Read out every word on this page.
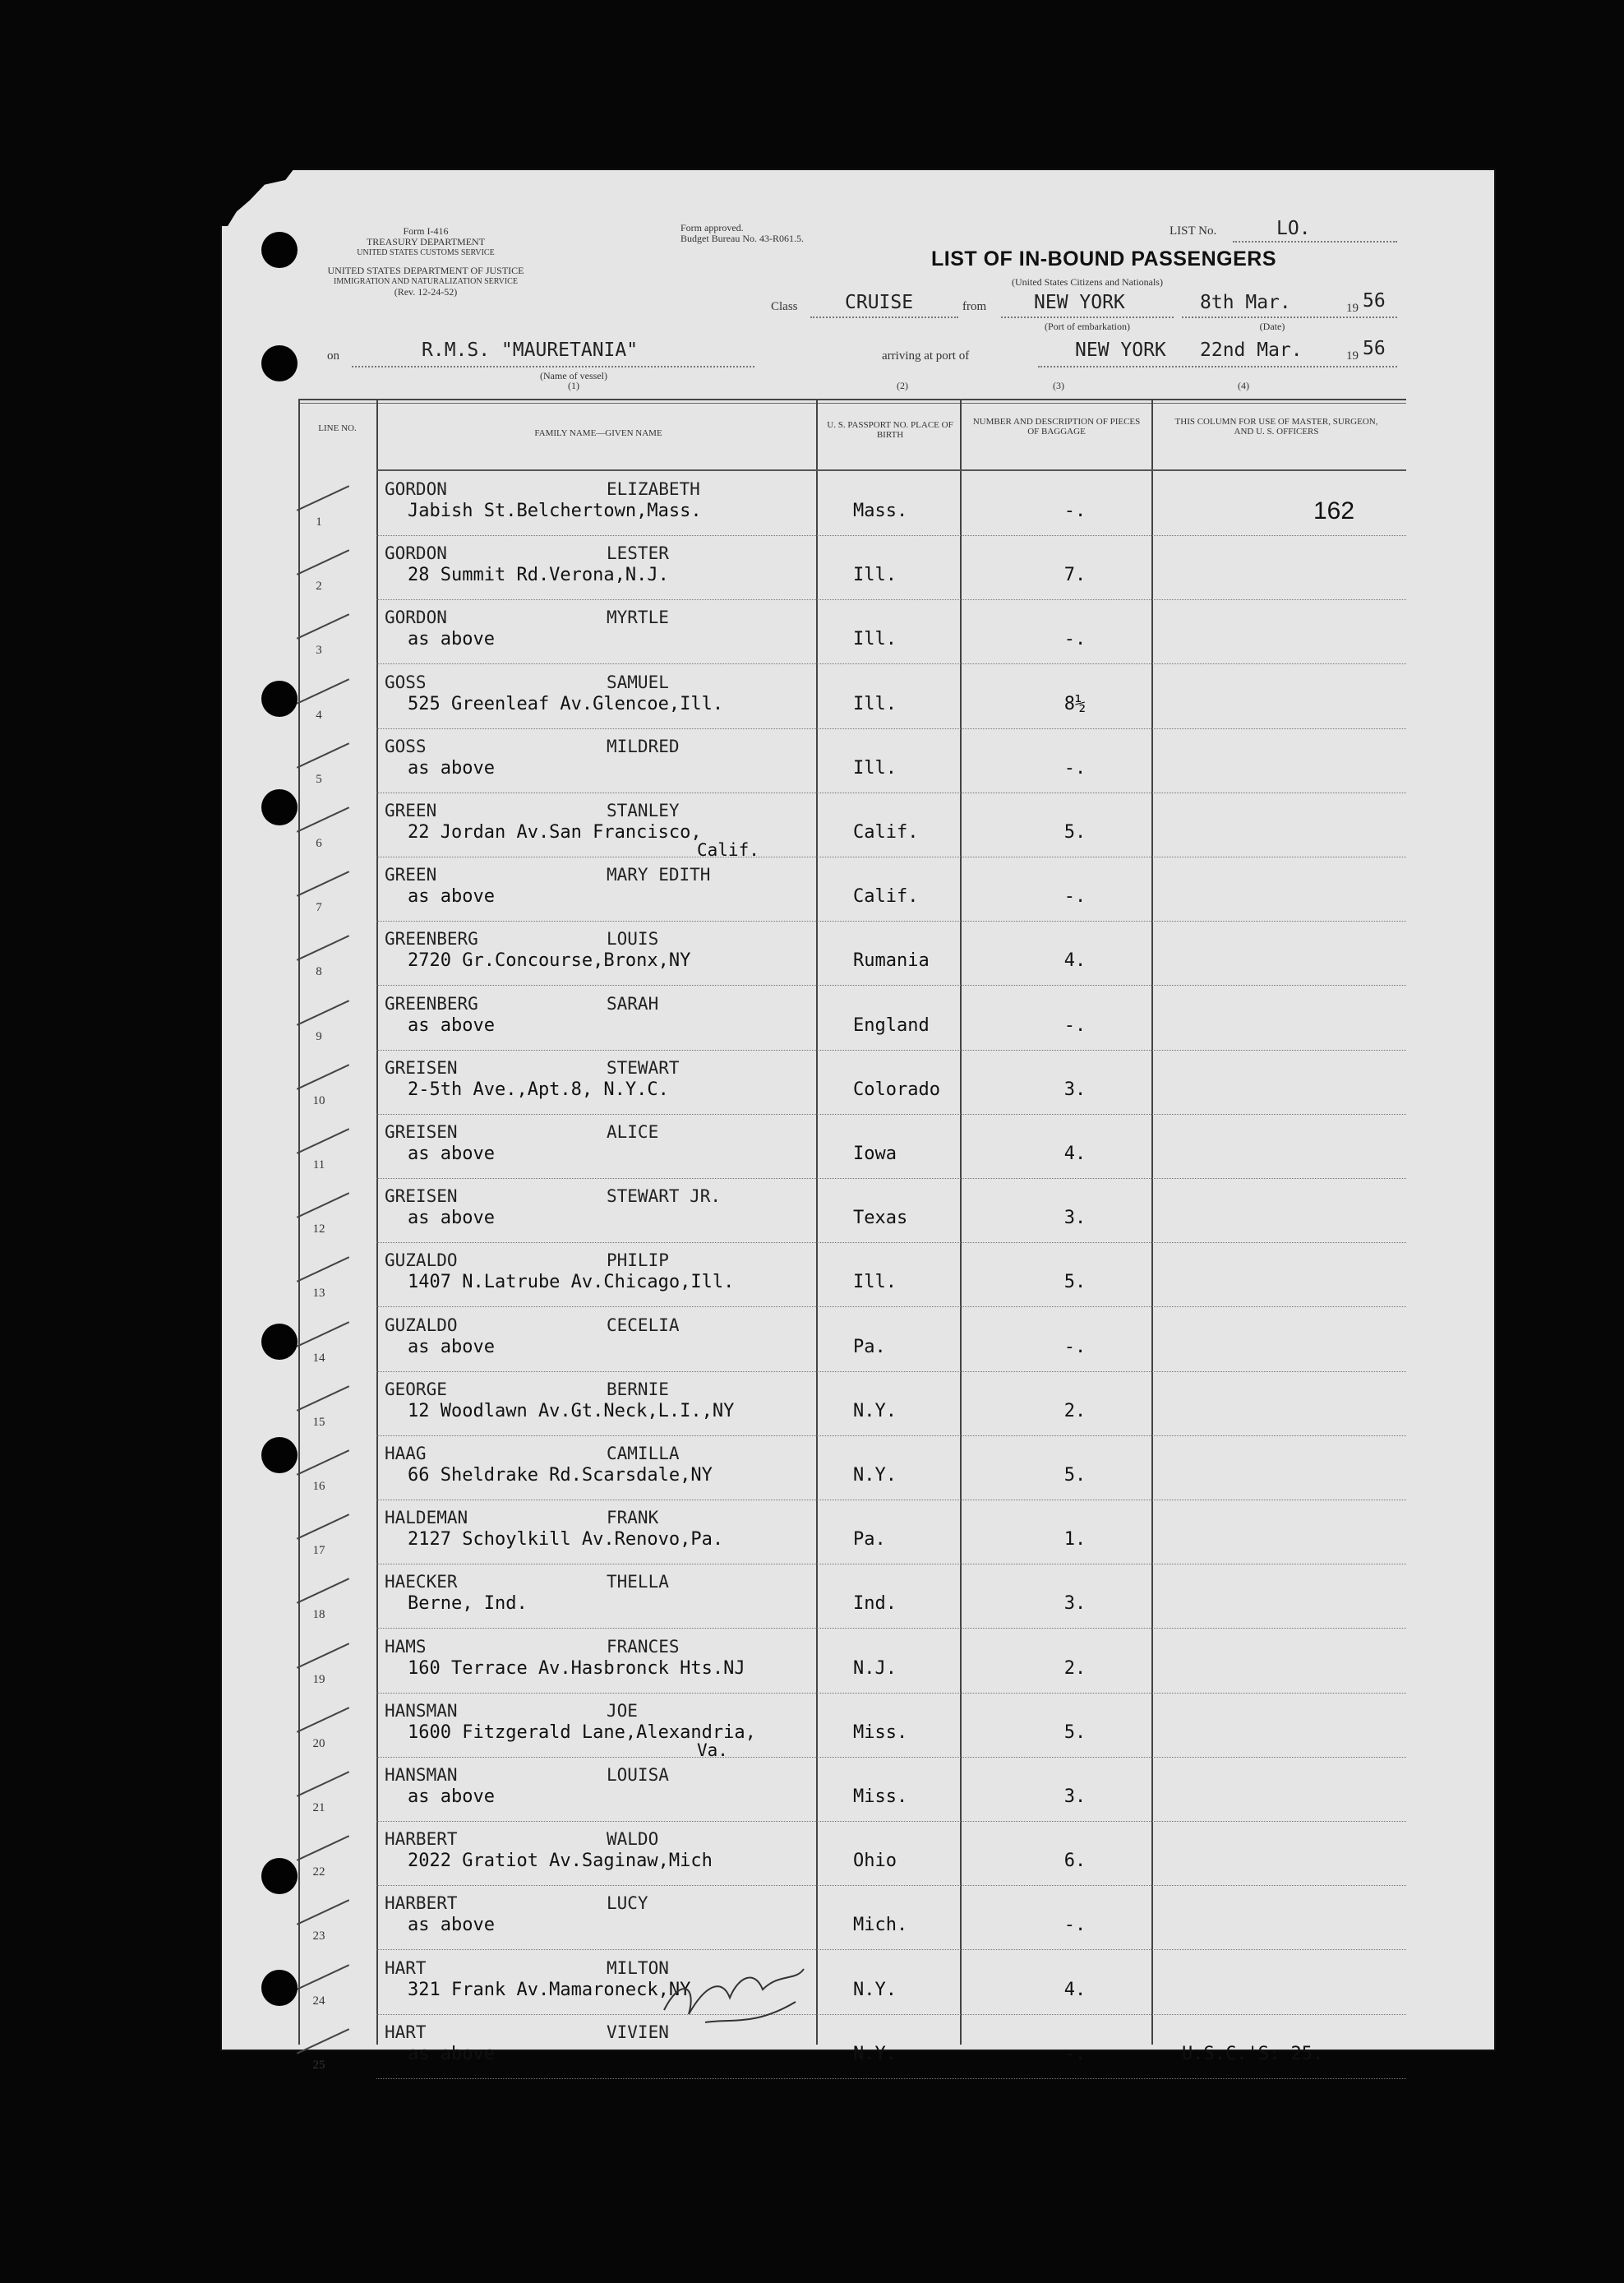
Form I-416
TREASURY DEPARTMENT
UNITED STATES CUSTOMS SERVICE
UNITED STATES DEPARTMENT OF JUSTICE
IMMIGRATION AND NATURALIZATION SERVICE
(Rev. 12-24-52)
Form approved.
Budget Bureau No. 43-R061.5.
LIST No.	LO.
LIST OF IN-BOUND PASSENGERS
(United States Citizens and Nationals)
Class CRUISE	from	NEW YORK
(Port of embarkation)
8th Mar.	19 56
(Date)
on	R.M.S. "MAURETANIA"
(Name of vessel)
(1)
arriving at port of	NEW YORK 22nd Mar.	19 56
(2)	(3)	(4)
LINE NO.	FAMILY NAME—GIVEN NAME
U. S. PASSPORT NO. PLACE OF BIRTH
NUMBER AND DESCRIPTION OF PIECES OF BAGGAGE
THIS COLUMN FOR USE OF MASTER, SURGEON, AND U. S. OFFICERS
1
GORDON	ELIZABETH
Jabish St.Belchertown,Mass.	Mass.	-.	162
2
GORDON	LESTER
28 Summit Rd.Verona,N.J.	Ill.	7.
3
GORDON	MYRTLE
as above	Ill.	-.
4
GOSS	SAMUEL
525 Greenleaf Av.Glencoe,Ill.	Ill.	8½
5
GOSS	MILDRED
as above	Ill.	-.
6
GREEN	STANLEY
22 Jordan Av.San Francisco,
Calif.
Calif.	5.
7
GREEN	MARY EDITH
as above	Calif.	-.
8
GREENBERG	LOUIS
2720 Gr.Concourse,Bronx,NY	Rumania	4.
9
GREENBERG	SARAH
as above	England	-.
10
GREISEN	STEWART
2-5th Ave.,Apt.8, N.Y.C.	Colorado	3.
11
GREISEN	ALICE
as above	Iowa	4.
12
GREISEN	STEWART JR.
as above	Texas	3.
13
GUZALDO	PHILIP
1407 N.Latrube Av.Chicago,Ill.	Ill.	5.
14
GUZALDO	CECELIA
as above	Pa.	-.
15
GEORGE	BERNIE
12 Woodlawn Av.Gt.Neck,L.I.,NY	N.Y.	2.
16
HAAG	CAMILLA
66 Sheldrake Rd.Scarsdale,NY	N.Y.	5.
17
HALDEMAN	FRANK
2127 Schoylkill Av.Renovo,Pa.	Pa.	1.
18
HAECKER	THELLA
Berne, Ind.	Ind.	3.
19
HAMS	FRANCES
160 Terrace Av.Hasbronck Hts.NJ	N.J.	2.
20
HANSMAN	JOE
1600 Fitzgerald Lane,Alexandria,
Va.
Miss.	5.
21
HANSMAN	LOUISA
as above	Miss.	3.
22
HARBERT	WALDO
2022 Gratiot Av.Saginaw,Mich	Ohio	6.
23
HARBERT	LUCY
as above	Mich.	-.
24
HART	MILTON
321 Frank Av.Mamaroneck,NY	N.Y.	4.
25
HART	VIVIEN
as above	N.Y.	-.	U.S.C.'S: 25.
